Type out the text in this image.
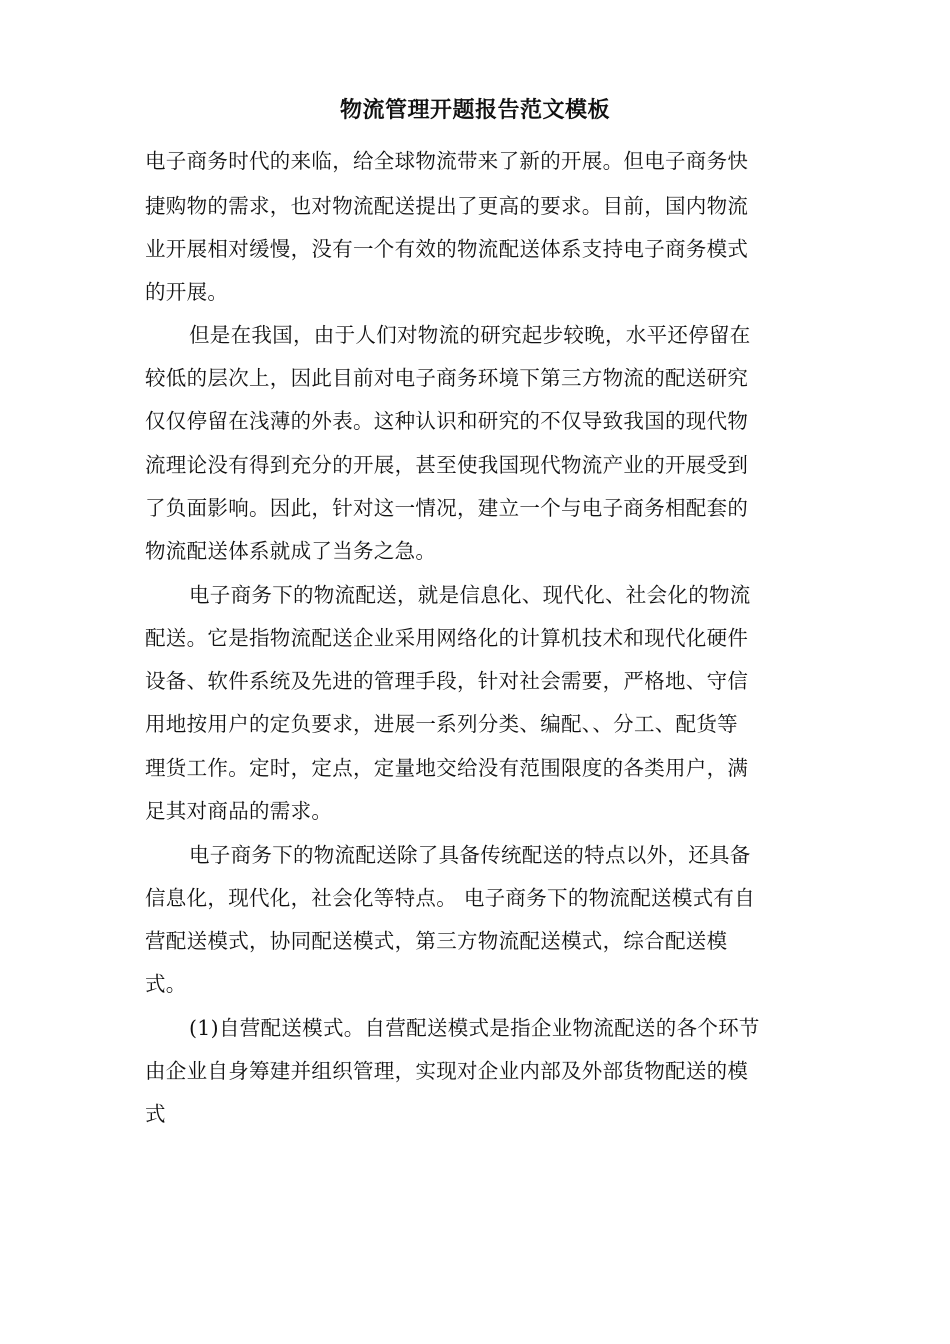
物流管理开题报告范文模板
电子商务时代的来临，给全球物流带来了新的开展。但电子商务快
捷购物的需求，也对物流配送提出了更高的要求。目前，国内物流
业开展相对缓慢，没有一个有效的物流配送体系支持电子商务模式
的开展。
但是在我国，由于人们对物流的研究起步较晚，水平还停留在
较低的层次上，因此目前对电子商务环境下第三方物流的配送研究
仅仅停留在浅薄的外表。这种认识和研究的不仅导致我国的现代物
流理论没有得到充分的开展，甚至使我国现代物流产业的开展受到
了负面影响。因此，针对这一情况，建立一个与电子商务相配套的
物流配送体系就成了当务之急。
电子商务下的物流配送，就是信息化、现代化、社会化的物流
配送。它是指物流配送企业采用网络化的计算机技术和现代化硬件
设备、软件系统及先进的管理手段，针对社会需要，严格地、守信
用地按用户的定负要求，进展一系列分类、编配、、分工、配货等
理货工作。定时，定点，定量地交给没有范围限度的各类用户，满
足其对商品的需求。
电子商务下的物流配送除了具备传统配送的特点以外，还具备
信息化，现代化，社会化等特点。 电子商务下的物流配送模式有自
营配送模式，协同配送模式，第三方物流配送模式，综合配送模
式。
(1)自营配送模式。自营配送模式是指企业物流配送的各个环节
由企业自身筹建并组织管理，实现对企业内部及外部货物配送的模
式
